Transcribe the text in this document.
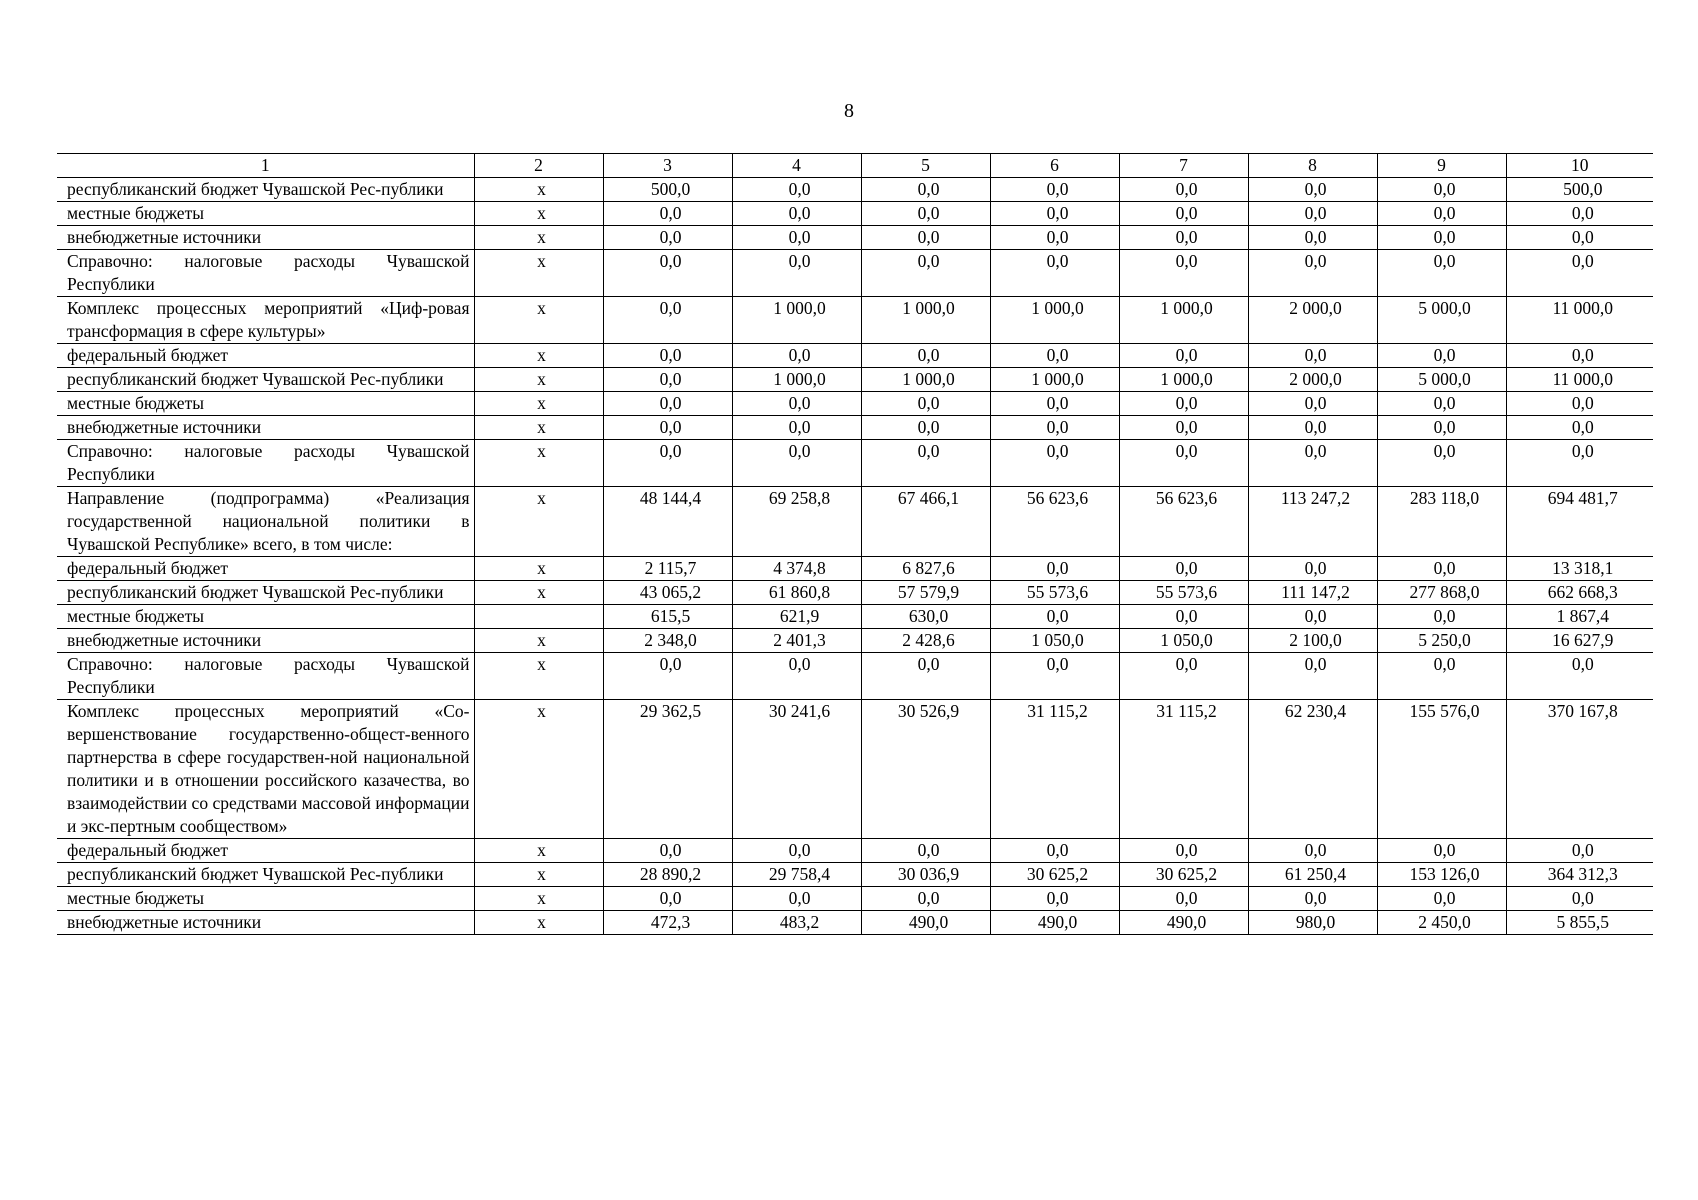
8
1	2	3	4	5	6	7	8	9	10
республиканский бюджет Чувашской Рес-публики	x	500,0	0,0	0,0	0,0	0,0	0,0	0,0	500,0
местные бюджеты	x	0,0	0,0	0,0	0,0	0,0	0,0	0,0	0,0
внебюджетные источники	x	0,0	0,0	0,0	0,0	0,0	0,0	0,0	0,0
Справочно: налоговые расходы Чувашской Республики	x	0,0	0,0	0,0	0,0	0,0	0,0	0,0	0,0
Комплекс процессных мероприятий «Циф-ровая трансформация в сфере культуры»	x	0,0	1 000,0	1 000,0	1 000,0	1 000,0	2 000,0	5 000,0	11 000,0
федеральный бюджет	x	0,0	0,0	0,0	0,0	0,0	0,0	0,0	0,0
республиканский бюджет Чувашской Рес-публики	x	0,0	1 000,0	1 000,0	1 000,0	1 000,0	2 000,0	5 000,0	11 000,0
местные бюджеты	x	0,0	0,0	0,0	0,0	0,0	0,0	0,0	0,0
внебюджетные источники	x	0,0	0,0	0,0	0,0	0,0	0,0	0,0	0,0
Справочно: налоговые расходы Чувашской Республики	x	0,0	0,0	0,0	0,0	0,0	0,0	0,0	0,0
Направление (подпрограмма) «Реализация государственной национальной политики в Чувашской Республике» всего, в том числе:	x	48 144,4	69 258,8	67 466,1	56 623,6	56 623,6	113 247,2	283 118,0	694 481,7
федеральный бюджет	x	2 115,7	4 374,8	6 827,6	0,0	0,0	0,0	0,0	13 318,1
республиканский бюджет Чувашской Рес-публики	x	43 065,2	61 860,8	57 579,9	55 573,6	55 573,6	111 147,2	277 868,0	662 668,3
местные бюджеты		615,5	621,9	630,0	0,0	0,0	0,0	0,0	1 867,4
внебюджетные источники	x	2 348,0	2 401,3	2 428,6	1 050,0	1 050,0	2 100,0	5 250,0	16 627,9
Справочно: налоговые расходы Чувашской Республики	x	0,0	0,0	0,0	0,0	0,0	0,0	0,0	0,0
Комплекс процессных мероприятий «Со-вершенствование государственно-общест-венного партнерства в сфере государствен-ной национальной политики и в отношении российского казачества, во взаимодействии со средствами массовой информации и экс-пертным сообществом»	x	29 362,5	30 241,6	30 526,9	31 115,2	31 115,2	62 230,4	155 576,0	370 167,8
федеральный бюджет	x	0,0	0,0	0,0	0,0	0,0	0,0	0,0	0,0
республиканский бюджет Чувашской Рес-публики	x	28 890,2	29 758,4	30 036,9	30 625,2	30 625,2	61 250,4	153 126,0	364 312,3
местные бюджеты	x	0,0	0,0	0,0	0,0	0,0	0,0	0,0	0,0
внебюджетные источники	x	472,3	483,2	490,0	490,0	490,0	980,0	2 450,0	5 855,5
